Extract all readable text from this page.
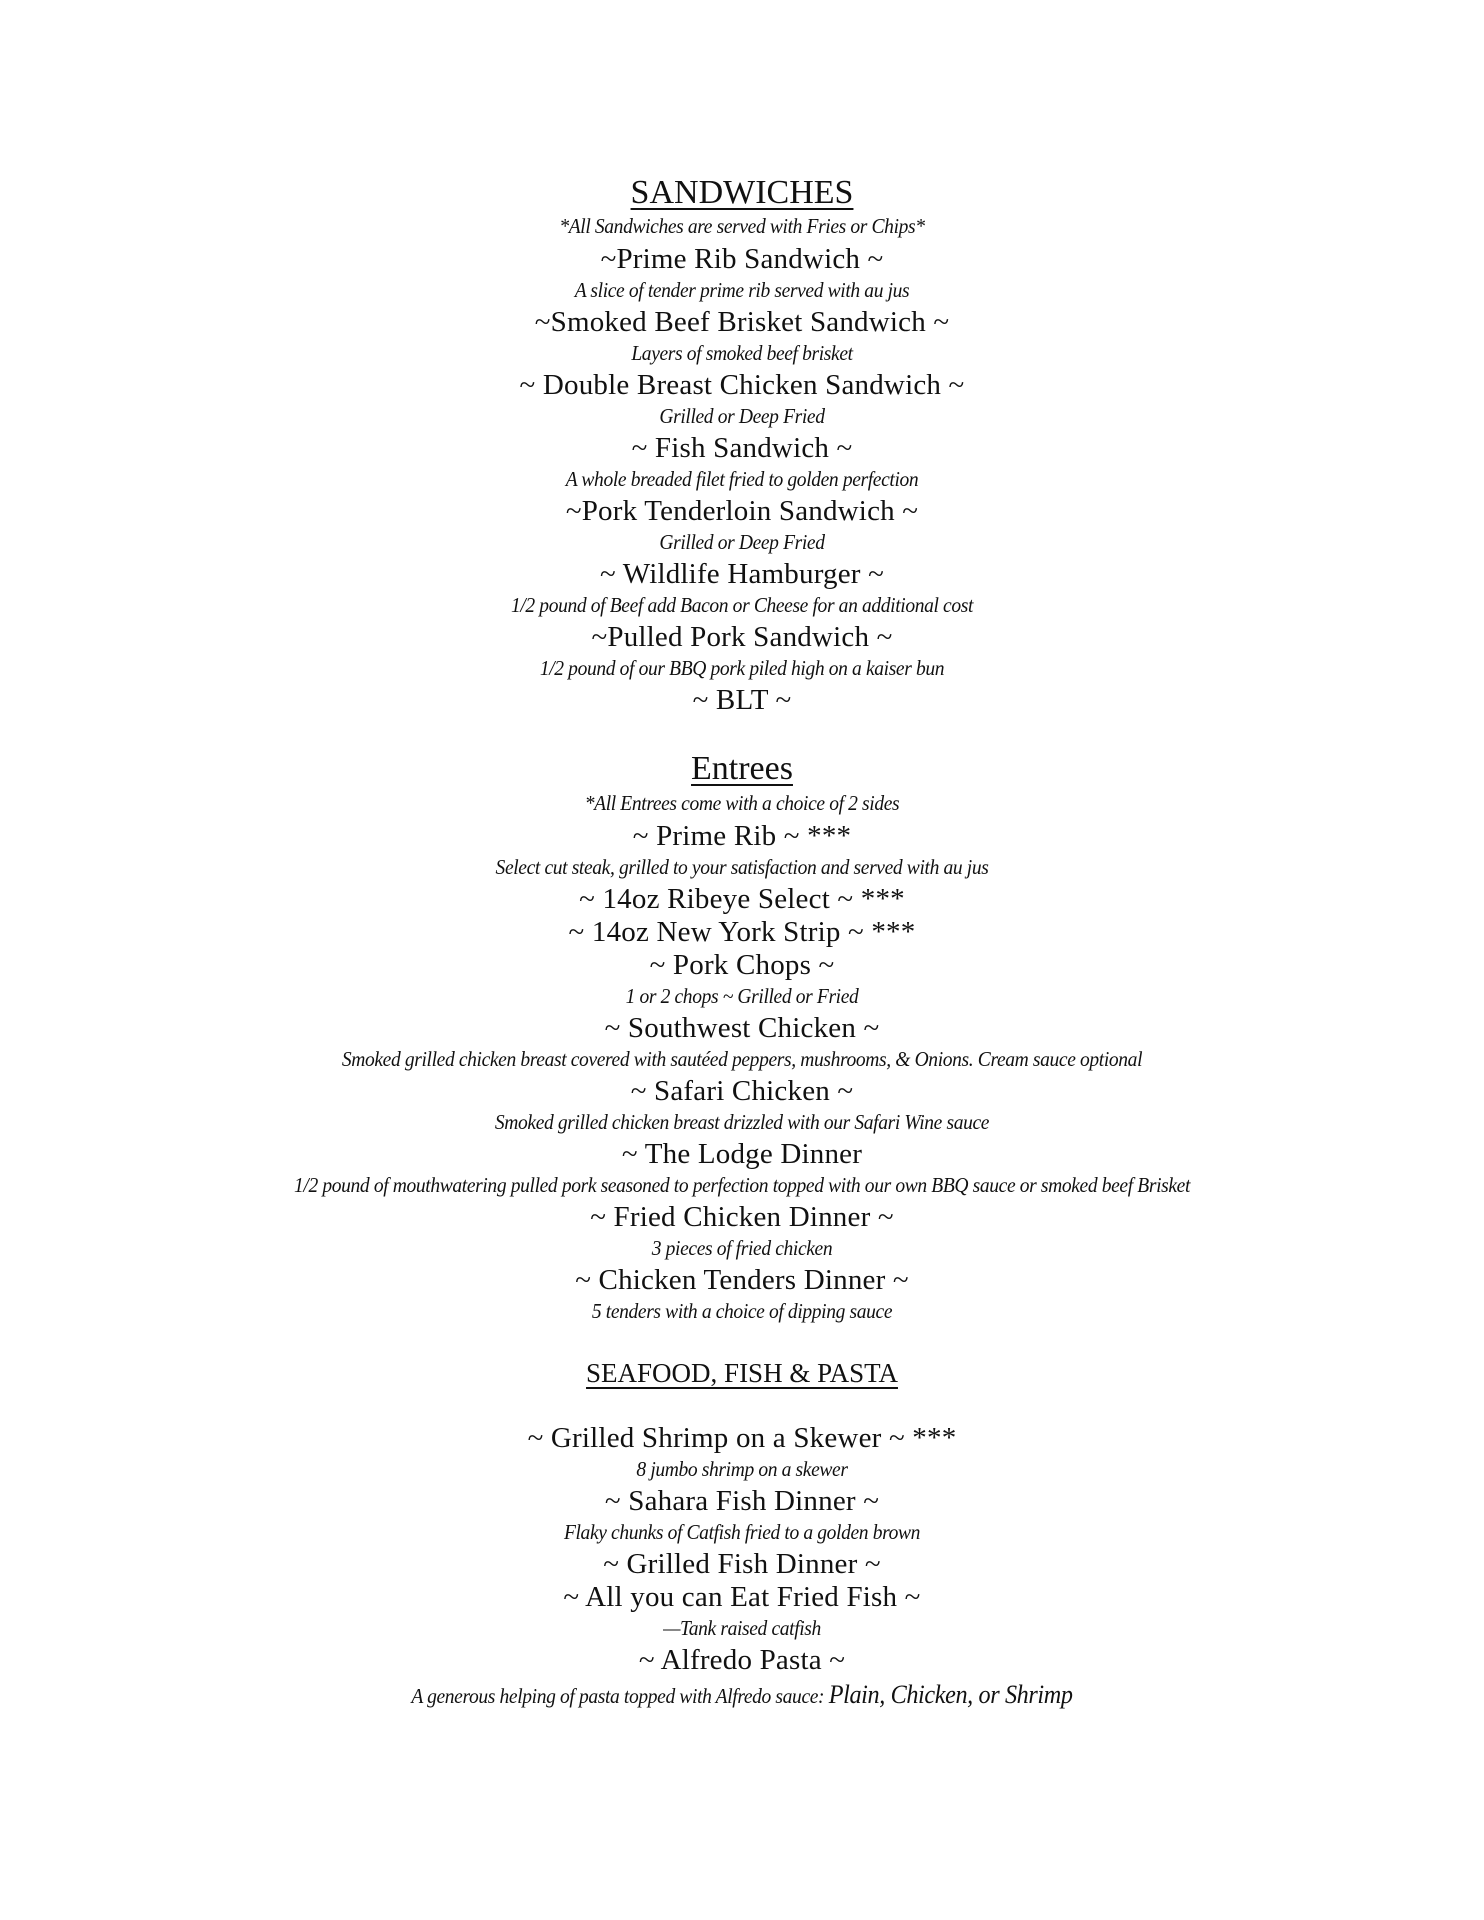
SANDWICHES
*All Sandwiches are served with Fries or Chips*
~Prime Rib Sandwich ~
A slice of tender prime rib served with au jus
~Smoked Beef Brisket Sandwich ~
Layers of smoked beef brisket
~ Double Breast Chicken Sandwich ~
Grilled or Deep Fried
~ Fish Sandwich ~
A whole breaded filet fried to golden perfection
~Pork Tenderloin Sandwich ~
Grilled or Deep Fried
~ Wildlife Hamburger ~
1/2 pound of Beef add Bacon or Cheese for an additional cost
~Pulled Pork Sandwich ~
1/2 pound of our BBQ pork piled high on a kaiser bun
~ BLT ~
Entrees
*All Entrees come with a choice of 2 sides
~ Prime Rib ~ ***
Select cut steak, grilled to your satisfaction and served with au jus
~ 14oz Ribeye Select ~ ***
~ 14oz New York Strip ~ ***
~ Pork Chops ~
1 or 2 chops ~ Grilled or Fried
~ Southwest Chicken ~
Smoked grilled chicken breast covered with sautéed peppers, mushrooms, & Onions. Cream sauce optional
~ Safari Chicken ~
Smoked grilled chicken breast drizzled with our Safari Wine sauce
~ The Lodge Dinner
1/2 pound of mouthwatering pulled pork seasoned to perfection topped with our own BBQ sauce or smoked beef Brisket
~ Fried Chicken Dinner ~
3 pieces of fried chicken
~ Chicken Tenders Dinner ~
5 tenders with a choice of dipping sauce
SEAFOOD, FISH & PASTA
~ Grilled Shrimp on a Skewer ~ ***
8 jumbo shrimp on a skewer
~ Sahara Fish Dinner ~
Flaky chunks of Catfish fried to a golden brown
~ Grilled Fish Dinner ~
~ All you can Eat Fried Fish ~
—Tank raised catfish
~ Alfredo Pasta ~
A generous helping of pasta topped with Alfredo sauce: Plain, Chicken, or Shrimp
